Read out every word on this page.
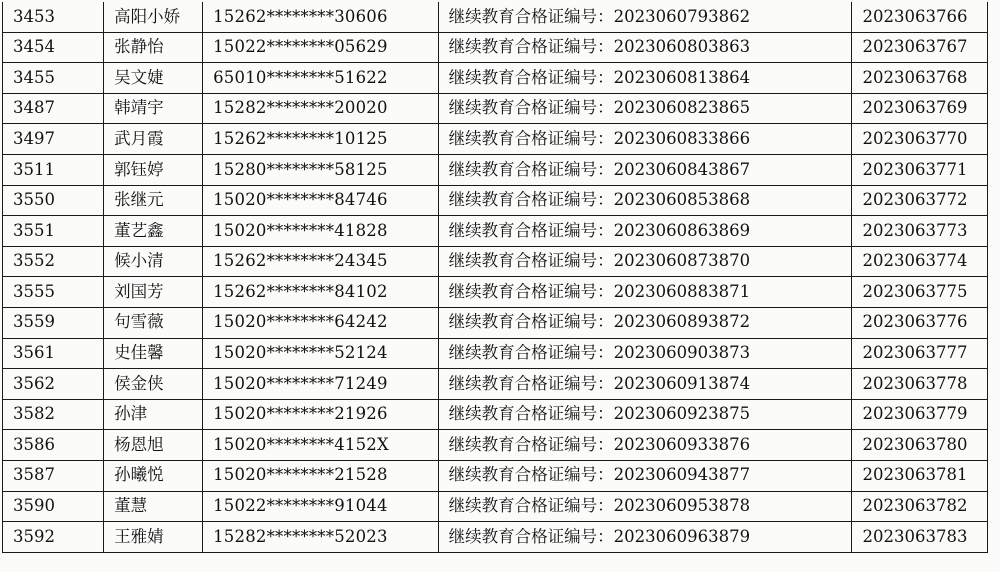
3453	高阳小娇	15262********30606	继续教育合格证编号：2023060793862	2023063766
3454	张静怡	15022********05629	继续教育合格证编号：2023060803863	2023063767
3455	吴文婕	65010********51622	继续教育合格证编号：2023060813864	2023063768
3487	韩靖宇	15282********20020	继续教育合格证编号：2023060823865	2023063769
3497	武月霞	15262********10125	继续教育合格证编号：2023060833866	2023063770
3511	郭钰婷	15280********58125	继续教育合格证编号：2023060843867	2023063771
3550	张继元	15020********84746	继续教育合格证编号：2023060853868	2023063772
3551	董艺鑫	15020********41828	继续教育合格证编号：2023060863869	2023063773
3552	候小清	15262********24345	继续教育合格证编号：2023060873870	2023063774
3555	刘国芳	15262********84102	继续教育合格证编号：2023060883871	2023063775
3559	句雪薇	15020********64242	继续教育合格证编号：2023060893872	2023063776
3561	史佳馨	15020********52124	继续教育合格证编号：2023060903873	2023063777
3562	侯金侠	15020********71249	继续教育合格证编号：2023060913874	2023063778
3582	孙津	15020********21926	继续教育合格证编号：2023060923875	2023063779
3586	杨恩旭	15020********4152X	继续教育合格证编号：2023060933876	2023063780
3587	孙曦悦	15020********21528	继续教育合格证编号：2023060943877	2023063781
3590	董慧	15022********91044	继续教育合格证编号：2023060953878	2023063782
3592	王雅婧	15282********52023	继续教育合格证编号：2023060963879	2023063783
